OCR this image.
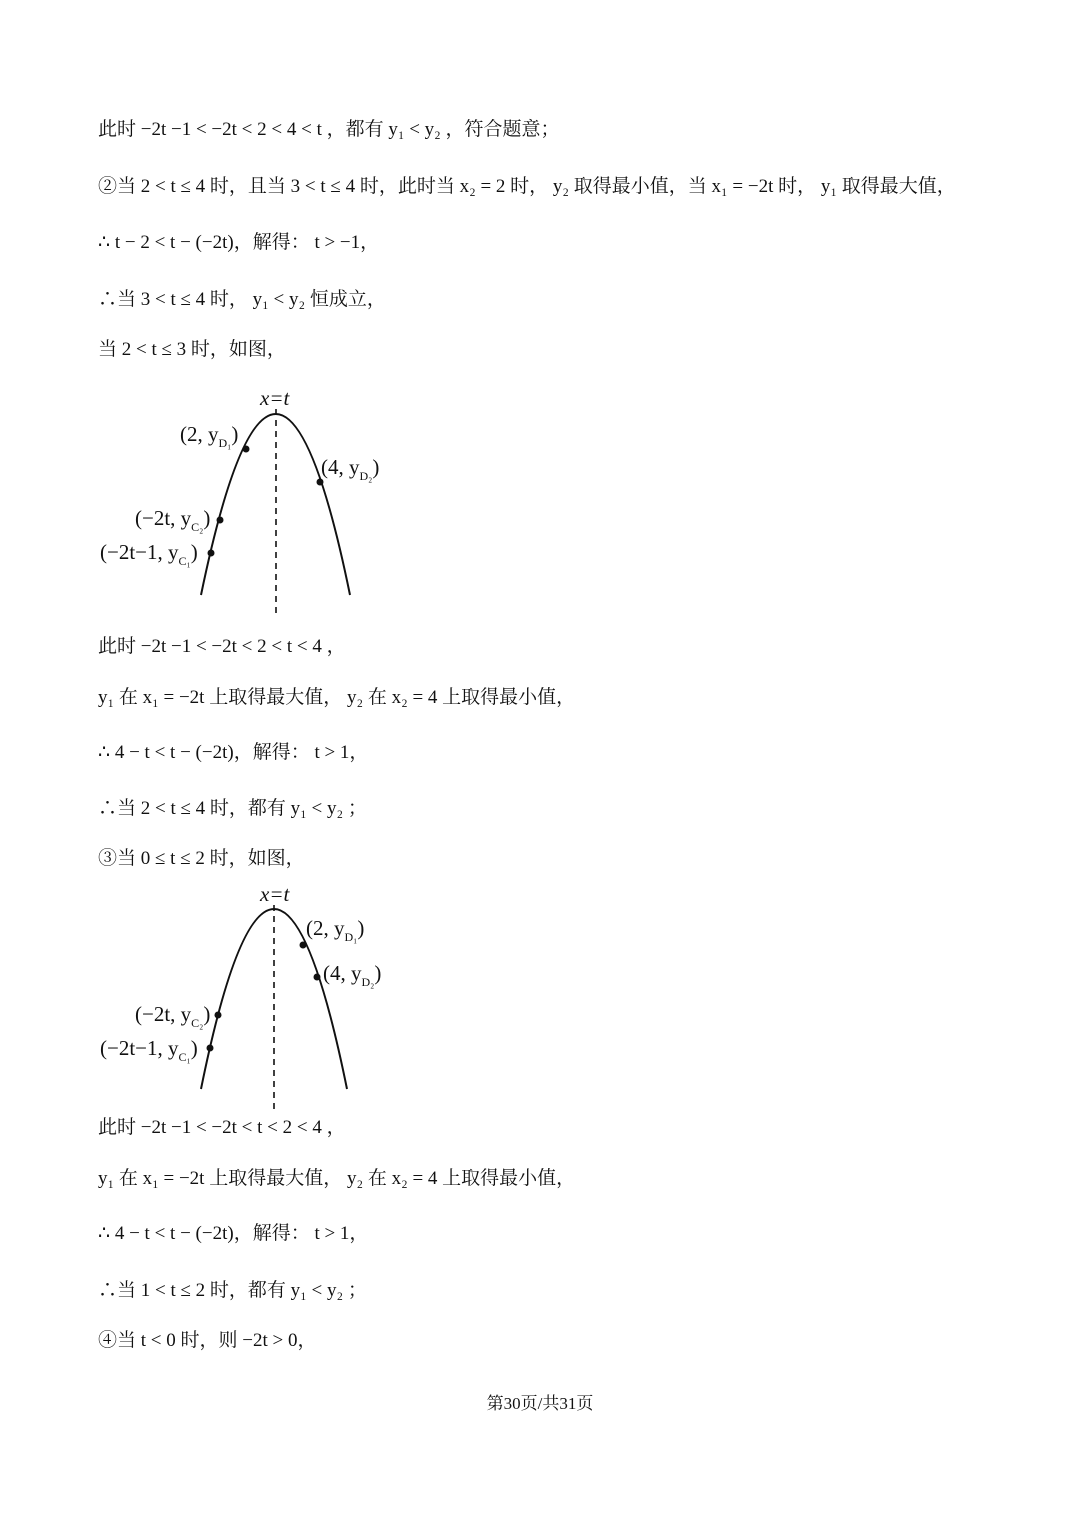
此时 −2t −1 < −2t < 2 < 4 < t ，都有 y₁ < y₂ ，符合题意；
②当 2 < t ≤ 4 时，且当 3 < t ≤ 4 时，此时当 x₂ = 2 时， y₂ 取得最小值，当 x₁ = −2t 时， y₁ 取得最大值，
∴ t − 2 < t − (−2t)，解得： t > −1，
∴当 3 < t ≤ 4 时， y₁ < y₂ 恒成立，
当 2 < t ≤ 3 时，如图，
x=t
(2, $y_{D_1}$)
(4, $y_{D_2}$)
(−2t, $y_{C_2}$)
(−2t−1, $y_{C_1}$)
此时 −2t −1 < −2t < 2 < t < 4 ，
y₁ 在 x₁ = −2t 上取得最大值， y₂ 在 x₂ = 4 上取得最小值，
∴ 4 − t < t − (−2t)，解得： t > 1，
∴当 2 < t ≤ 4 时，都有 y₁ < y₂ ；
③当 0 ≤ t ≤ 2 时，如图，
x=t
(2, $y_{D_1}$)
(4, $y_{D_2}$)
(−2t, $y_{C_2}$)
(−2t−1, $y_{C_1}$)
此时 −2t −1 < −2t < t < 2 < 4 ，
y₁ 在 x₁ = −2t 上取得最大值， y₂ 在 x₂ = 4 上取得最小值，
∴ 4 − t < t − (−2t)，解得： t > 1，
∴当 1 < t ≤ 2 时，都有 y₁ < y₂ ；
④当 t < 0 时，则 −2t > 0，
第30页/共31页
